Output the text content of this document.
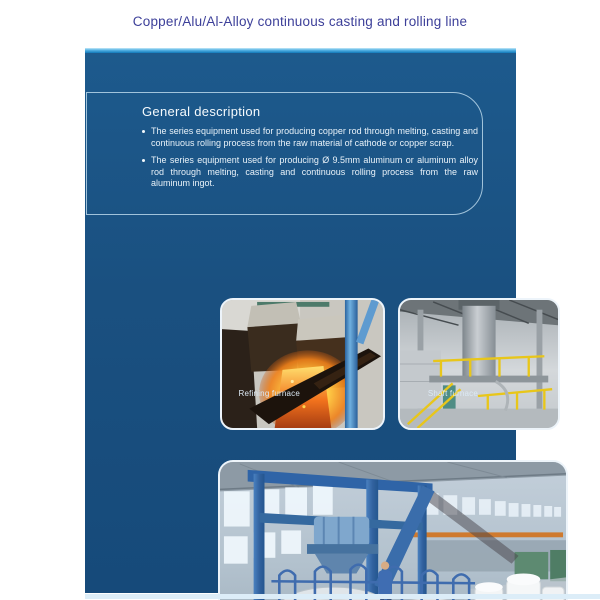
Copper/Alu/Al-Alloy continuous casting and rolling line
General description
The series equipment used for producing copper rod through melting, casting and continuous rolling process from the raw material of cathode or copper scrap.
The series equipment used for producing Ø 9.5mm aluminum or aluminum alloy rod through melting, casting and continuous rolling process from the raw aluminum ingot.
Refining furnace	Shaft furnace
